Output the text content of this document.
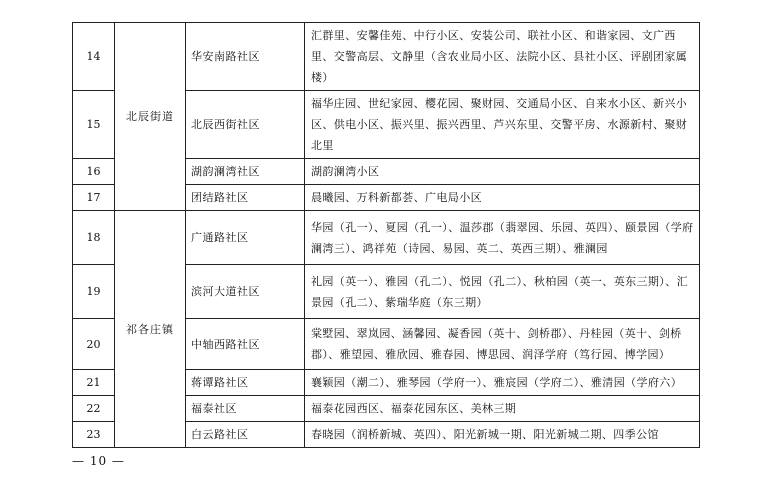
14	北辰街道	华安南路社区	汇群里、安馨佳苑、中行小区、安装公司、联社小区、和谐家园、文广西里、交警高层、文静里（含农业局小区、法院小区、县社小区、评剧团家属楼）
15		北辰西街社区	福华庄园、世纪家园、樱花园、聚财园、交通局小区、自来水小区、新兴小区、供电小区、振兴里、振兴西里、芦兴东里、交警平房、水源新村、聚财北里
16		湖韵澜湾社区	湖韵澜湾小区
17		团结路社区	晨曦园、万科新都荟、广电局小区
18	祁各庄镇	广通路社区	华园（孔一）、夏园（孔一）、温莎郡（翡翠园、乐园、英四）、颐景园（学府澜湾三）、鸿祥苑（诗园、易园、英二、英西三期）、雅澜园
19		滨河大道社区	礼园（英一）、雅园（孔二）、悦园（孔二）、秋柏园（英一、英东三期）、汇景园（孔二）、紫瑞华庭（东三期）
20		中轴西路社区	棠墅园、翠岚园、涵馨园、凝香园（英十、剑桥郡）、丹桂园（英十、剑桥郡）、雅望园、雅欣园、雅春园、博思园、润泽学府（笃行园、博学园）
21		蒋谭路社区	襄颖园（潮二）、雅琴园（学府一）、雅宸园（学府二）、雅清园（学府六）
22		福泰社区	福泰花园西区、福泰花园东区、美林三期
23		白云路社区	春晓园（润桥新城、英四）、阳光新城一期、阳光新城二期、四季公馆
— 10 —
